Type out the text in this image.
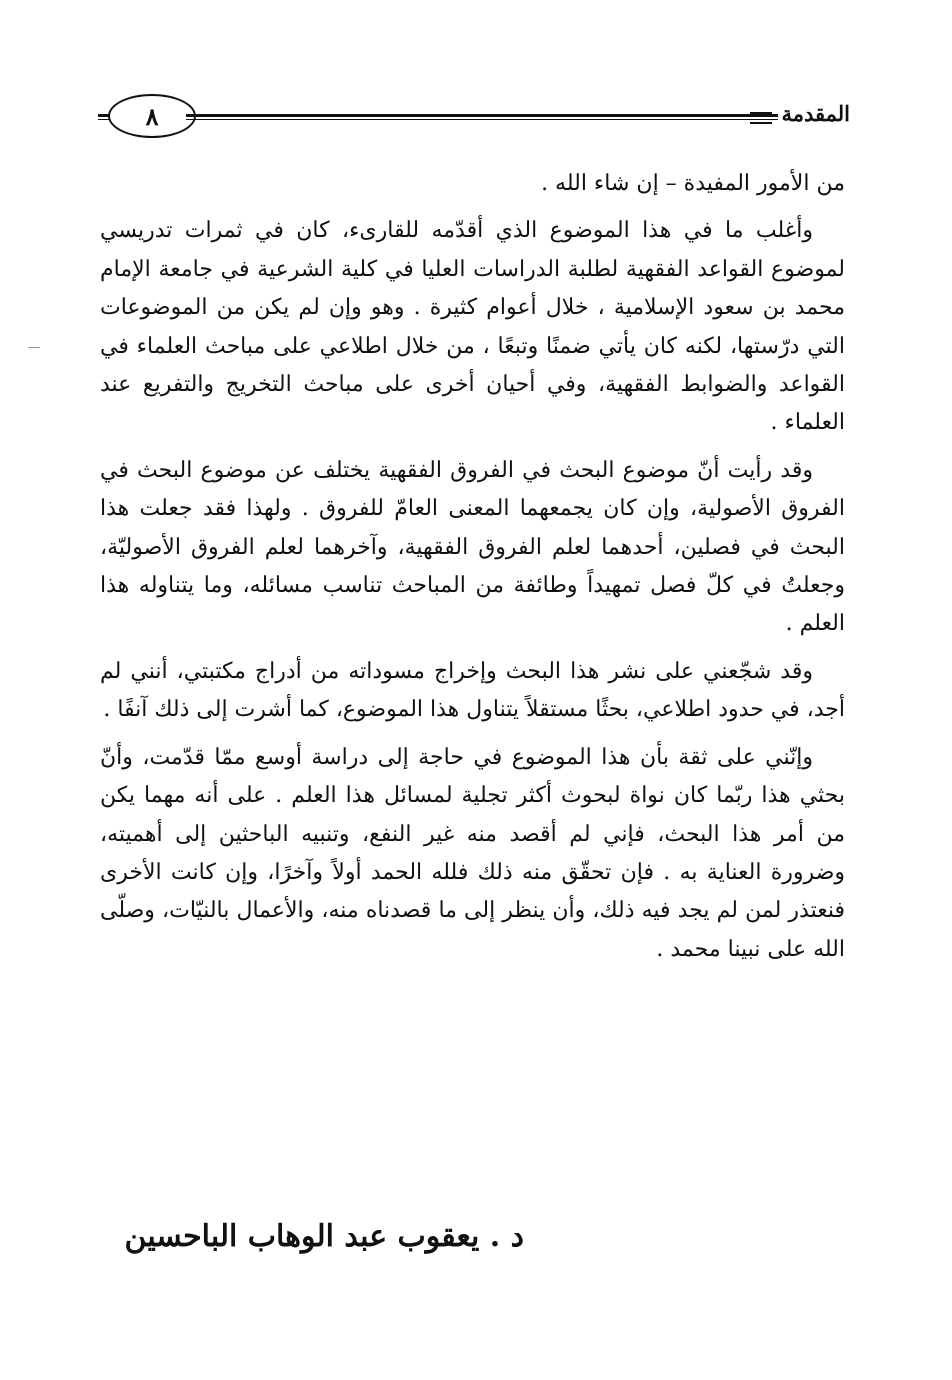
٨	المقدمة

من الأمور المفيدة – إن شاء الله .

وأغلب ما في هذا الموضوع الذي أقدّمه للقارىء، كان في ثمرات تدريسي لموضوع القواعد الفقهية لطلبة الدراسات العليا في كلية الشرعية في جامعة الإمام محمد بن سعود الإسلامية ، خلال أعوام كثيرة . وهو وإن لم يكن من الموضوعات التي درّستها، لكنه كان يأتي ضمنًا وتبعًا ، من خلال اطلاعي على مباحث العلماء في القواعد والضوابط الفقهية، وفي أحيان أخرى على مباحث التخريج والتفريع عند العلماء .

وقد رأيت أنّ موضوع البحث في الفروق الفقهية يختلف عن موضوع البحث في الفروق الأصولية، وإن كان يجمعهما المعنى العامّ للفروق . ولهذا فقد جعلت هذا البحث في فصلين، أحدهما لعلم الفروق الفقهية، وآخرهما لعلم الفروق الأصوليّة، وجعلتُ في كلّ فصل تمهيداً وطائفة من المباحث تناسب مسائله، وما يتناوله هذا العلم .

وقد شجّعني على نشر هذا البحث وإخراج مسوداته من أدراج مكتبتي، أنني لم أجد، في حدود اطلاعي، بحثًا مستقلاً يتناول هذا الموضوع، كما أشرت إلى ذلك آنفًا .

وإنّني على ثقة بأن هذا الموضوع في حاجة إلى دراسة أوسع ممّا قدّمت، وأنّ بحثي هذا ربّما كان نواة لبحوث أكثر تجلية لمسائل هذا العلم . على أنه مهما يكن من أمر هذا البحث، فإني لم أقصد منه غير النفع، وتنبيه الباحثين إلى أهميته، وضرورة العناية به . فإن تحقّق منه ذلك فلله الحمد أولاً وآخرًا، وإن كانت الأخرى فنعتذر لمن لم يجد فيه ذلك، وأن ينظر إلى ما قصدناه منه، والأعمال بالنيّات، وصلّى الله على نبينا محمد .

د . يعقوب عبد الوهاب الباحسين
